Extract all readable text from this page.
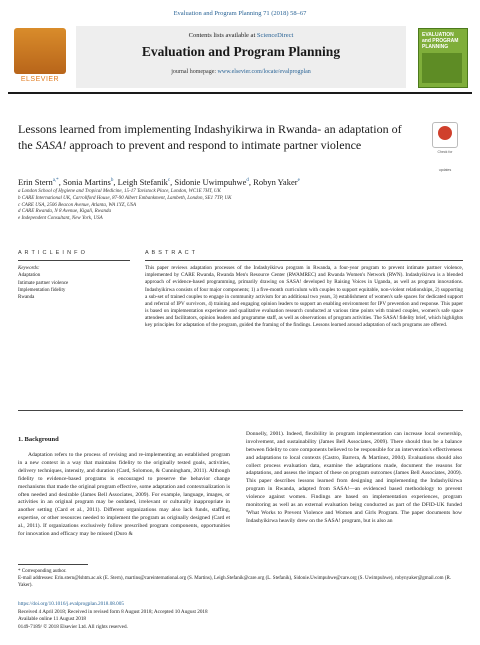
Evaluation and Program Planning 71 (2018) 58–67
ELSEVIER
Contents lists available at ScienceDirect
Evaluation and Program Planning
journal homepage: www.elsevier.com/locate/evalprogplan
EVALUATION and PROGRAM PLANNING
Lessons learned from implementing Indashyikirwa in Rwanda- an adaptation of the SASA! approach to prevent and respond to intimate partner violence
Check for updates
Erin Stern$^{a,*}$, Sonia Martins$^b$, Leigh Stefanik$^c$, Sidonie Uwimpuhwe$^d$, Robyn Yaker$^e$
a London School of Hygiene and Tropical Medicine, 15-17 Tavistock Place, London, WC1E 7HT, UK
b CARE International UK, Carrollford House, 87-90 Albert Embankment, Lambeth, London, SE1 7TP, UK
c CARE USA, 2506 Beacon Avenue, Atlanta, WA 1YZ, USA
d CARE Rwanda, N 8 Avenue, Kigali, Rwanda
e Independent Consultant, New York, USA
A R T I C L E I N F O	A B S T R A C T
Keywords:
Adaptation
Intimate partner violence
Implementation fidelity
Rwanda
This paper reviews adaptation processes of the Indashyikirwa program in Rwanda, a four-year program to prevent intimate partner violence, implemented by CARE Rwanda, Rwanda Men's Resource Center (RWAMREC) and Rwanda Women's Network (RWN). Indashyikirwa is a blended approach of evidence-based programming, primarily drawing on SASA! developed by Raising Voices in Uganda, as well as program innovations. Indashyikirwa consists of four major components; 1) a five-month curriculum with couples to support equitable, non-violent relationships, 2) supporting a sub-set of trained couples to engage in community activism for an additional two years, 3) establishment of women's safe spaces for dedicated support and referral of IPV survivors, 4) training and engaging opinion leaders to support an enabling environment for IPV prevention and response. This paper is based on implementation experience and qualitative evaluation research conducted at various time points with trained couples, women's safe space attendees and facilitators, opinion leaders and programme staff, as well as observations of program activities. The SASA! fidelity brief, which highlights key principles for adaptation of the program, guided the framing of the findings. Lessons learned around adaptation of such programs are offered.
1. Background

Adaptation refers to the process of revising and re-implementing an established program in a new context in a way that maintains fidelity to the originally tested goals, activities, delivery techniques, intensity, and duration (Card, Solomon, & Cunningham, 2011). Although fidelity to evidence-based programs is encouraged to preserve the behavior change mechanisms that made the original program effective, some adaptation and contextualization is often needed and desirable (James Bell Associates, 2009). For example, language, images, or activities in an original program may be outdated, irrelevant or culturally inappropriate in another setting (Card et al., 2011). Different organizations may also lack funds, staffing, expertise, or other resources needed to implement the program as originally designed (Card et al., 2011). If organizations exclusively follow prescribed program components, opportunities for innovation and efficacy may be missed (Duro &

Donnelly, 2001). Indeed, flexibility in program implementation can increase local ownership, involvement, and sustainability (James Bell Associates, 2009). There should thus be a balance between fidelity to core components believed to be responsible for an intervention's effectiveness and adaptations to local contexts (Castro, Barrera, & Martinez, 2004). Evaluations should also collect process evaluation data, examine the adaptations made, document the reasons for adaptations, and assess the impact of these on program outcomes (James Bell Associates, 2009). This paper describes lessons learned from designing and implementing the Indashyikirwa program in Rwanda, adapted from SASA!—an evidenced based methodology to prevent violence against women. Findings are based on implementation experiences, program monitoring as well as an external evaluation being conducted as part of the DFID-UK funded 'What Works to Prevent Violence and Women and Girls Program. The paper documents how Indashyikirwa heavily drew on the SASA! program, but is also an

* Corresponding author.
E-mail addresses: Erin.stern@lshtm.ac.uk (E. Stern), martins@careinternational.org (S. Martins), Leigh.Stefanik@care.org (L. Stefanik), Sidonie.Uwimpuhwe@care.org (S. Uwimpuhwe), robynyaker@gmail.com (R. Yaker).
https://doi.org/10.1016/j.evalprogplan.2018.08.005
Received 4 April 2018; Received in revised form 8 August 2018; Accepted 10 August 2018
Available online 11 August 2018
0149-7189/ © 2018 Elsevier Ltd. All rights reserved.
